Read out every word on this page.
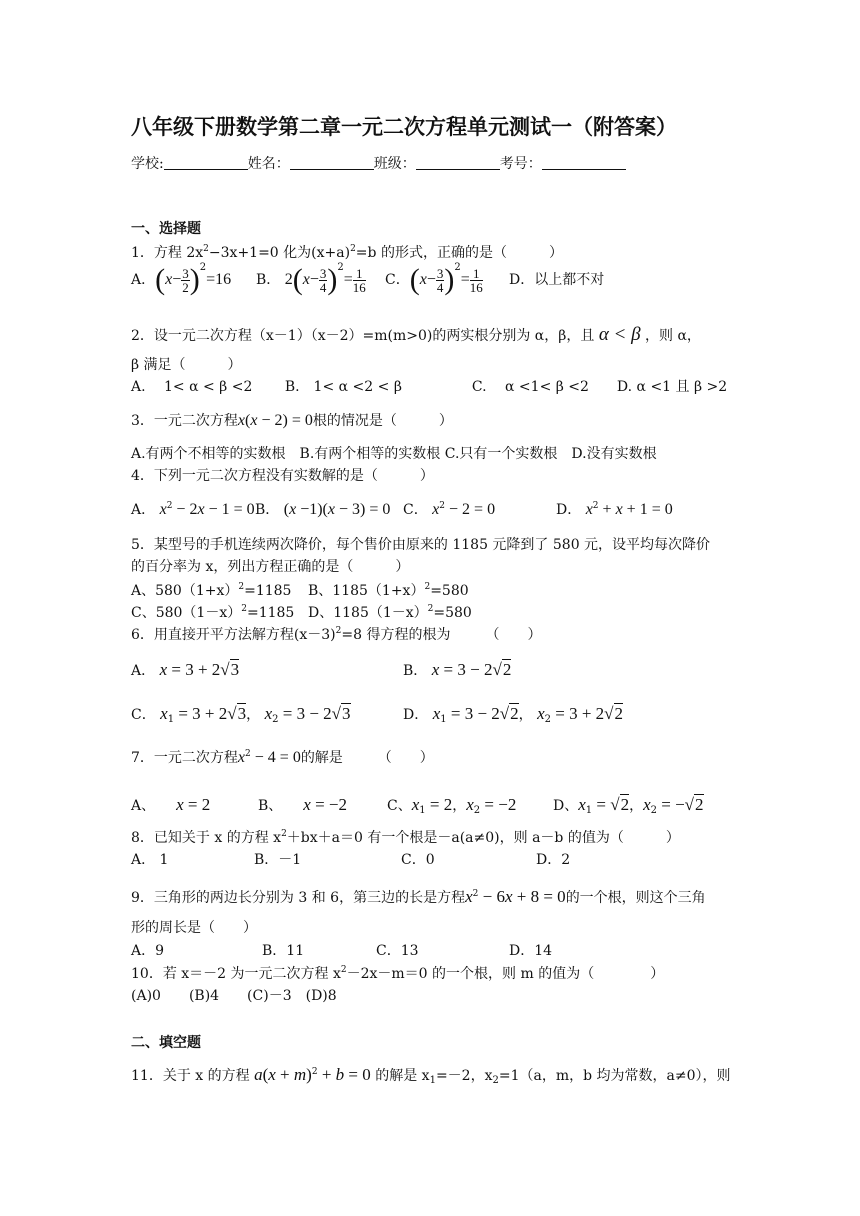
八年级下册数学第二章一元二次方程单元测试一（附答案）
学校:	姓名：	班级：	考号：
一、选择题
1．方程 $2x^2-3x+1=0$ 化为$(x+a)^2=b$ 的形式，正确的是（　　　）
A．$(x- \frac{3}{2} )^2=16$ B． $2(x- \frac{3}{4} )^2= \frac{1}{16}$ C．$(x- \frac{3}{4} )^2= \frac{1}{16}$ D．以上都不对
2．设一元二次方程（x－1）（x－2）=m(m>0)的两实根分别为 α，β，且 α < β ，则 α，
β 满足（　　　）
A.　 1< α < β <2　　 B.　1< α <2 < β　　　　　C.　 α <1< β <2　　D. α <1 且 β >2
3．一元二次方程x(x − 2) = 0根的情况是（　　　）
A.有两个不相等的实数根　B.有两个相等的实数根 C.只有一个实数根　D.没有实数根
4．下列一元二次方程没有实数解的是（　　　）
A． $x^2 - 2x - 1 = 0$ B． (x −1)(x − 3) = 0 C． $x^2 - 2 = 0$	D． $x^2 + x + 1 = 0$
5．某型号的手机连续两次降价，每个售价由原来的 1185 元降到了 580 元，设平均每次降价
的百分率为 x，列出方程正确的是（　　　）
A、$580(1+x)^2=1185$ B、$1185(1+x)^2=580$
C、$580(1-x)^2=1185$ D、$1185(1-x)^2=580$
6．用直接开平方法解方程$(x-3)^2=8$ 得方程的根为　　　（　　）
A． x = 3 + 2√3	B． x = 3 − 2√2
C． $x_1 = 3 + 2√3$， $x_2 = 3 - 2√3$	D． $x_1 = 3 - 2√2$， $x_2 = 3 + 2√2$
7．一元二次方程$x^2 - 4 = 0$的解是　　　（　　）
A、　　 x = 2	B、　　 x = −2	C、$x_1 = 2$，$x_2 = -2$	D、$x_1 = √2$，$x_2 = -√2$
8．已知关于 x 的方程 $x^2+bx+a=0$ 有一个根是－a(a≠0)，则 a－b 的值为（　　　）
A． 1	B．－1	C．0	D．2
9．三角形的两边长分别为 3 和 6，第三边的长是方程$x^2 - 6x + 8 = 0$的一个根，则这个三角
形的周长是（　　）
A．9	B．11	C．13	D．14
10．若 x＝－2 为一元二次方程 $x^2-2x-m=0$ 的一个根，则 m 的值为（　　　　）
(A)0　　(B)4　　(C)－3　(D)8
二、填空题
11．关于 x 的方程 $a(x + m)^2 + b = 0$ 的解是 $x_1=-2$，$x_2=1(a$，m，b 均为常数，a≠0），则
